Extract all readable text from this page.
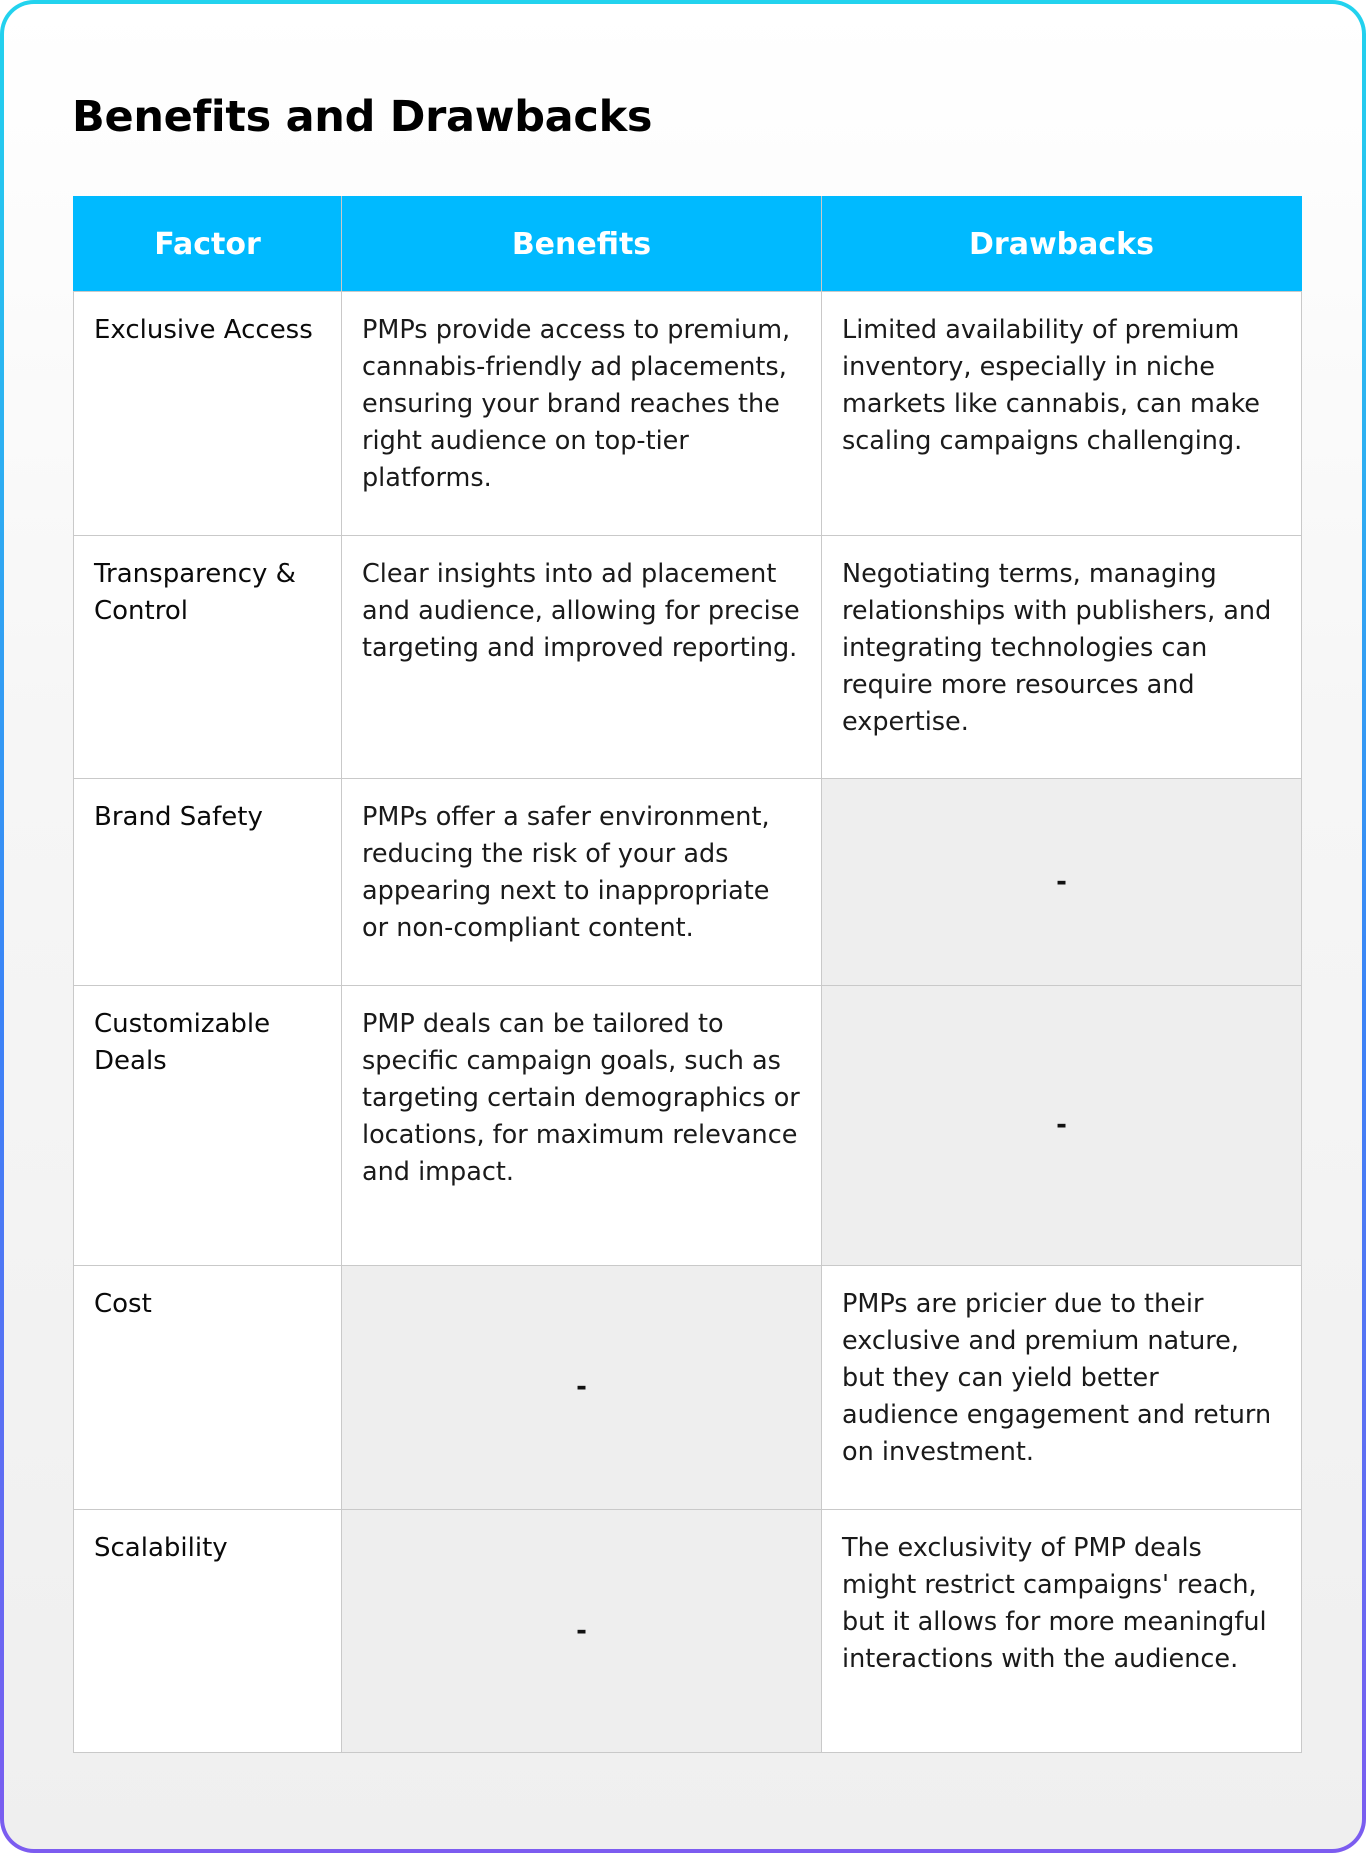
Benefits and Drawbacks
Factor	Benefits	Drawbacks
Exclusive Access	PMPs provide access to premium, cannabis-friendly ad placements, ensuring your brand reaches the right audience on top-tier platforms.	Limited availability of premium inventory, especially in niche markets like cannabis, can make scaling campaigns challenging.
Transparency & Control	Clear insights into ad placement and audience, allowing for precise targeting and improved reporting.	Negotiating terms, managing relationships with publishers, and integrating technologies can require more resources and expertise.
Brand Safety	PMPs offer a safer environment, reducing the risk of your ads appearing next to inappropriate or non-compliant content.	-
Customizable Deals	PMP deals can be tailored to specific campaign goals, such as targeting certain demographics or locations, for maximum relevance and impact.	-
Cost	-	PMPs are pricier due to their exclusive and premium nature, but they can yield better audience engagement and return on investment.
Scalability	-	The exclusivity of PMP deals might restrict campaigns' reach, but it allows for more meaningful interactions with the audience.
